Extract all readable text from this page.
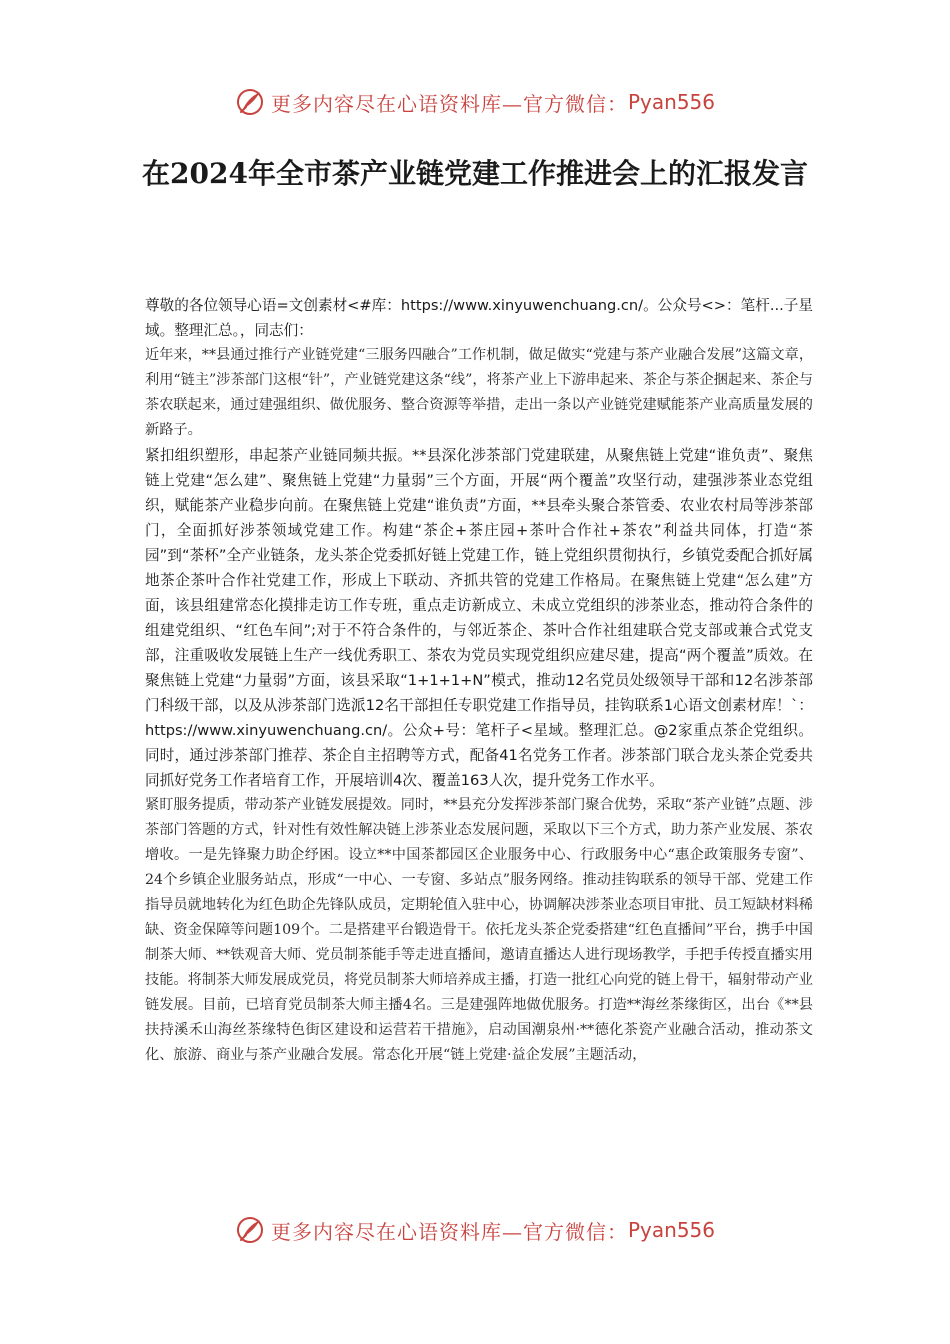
更多内容尽在心语资料库—官方微信： Pyan556
在2024年全市茶产业链党建工作推进会上的汇报发言

尊敬的各位领导心语=文创素材<#库：https://www.xinyuwenchuang.cn/。公众号<>：笔杆...子星域。整理汇总。，同志们：

近年来，**县通过推行产业链党建“三服务四融合”工作机制，做足做实“党建与茶产业融合发展”这篇文章，利用“链主”涉茶部门这根“针”，产业链党建这条“线”，将茶产业上下游串起来、茶企与茶企捆起来、茶企与茶农联起来，通过建强组织、做优服务、整合资源等举措，走出一条以产业链党建赋能茶产业高质量发展的新路子。

紧扣组织塑形，串起茶产业链同频共振。**县深化涉茶部门党建联建，从聚焦链上党建“谁负责”、聚焦链上党建“怎么建”、聚焦链上党建“力量弱”三个方面，开展“两个覆盖”攻坚行动，建强涉茶业态党组织，赋能茶产业稳步向前。在聚焦链上党建“谁负责”方面，**县牵头聚合茶管委、农业农村局等涉茶部门，全面抓好涉茶领域党建工作。构建“茶企+茶庄园+茶叶合作社+茶农”利益共同体，打造“茶园”到“茶杯”全产业链条，龙头茶企党委抓好链上党建工作，链上党组织贯彻执行，乡镇党委配合抓好属地茶企茶叶合作社党建工作，形成上下联动、齐抓共管的党建工作格局。在聚焦链上党建“怎么建”方面，该县组建常态化摸排走访工作专班，重点走访新成立、未成立党组织的涉茶业态，推动符合条件的组建党组织、“红色车间”;对于不符合条件的，与邻近茶企、茶叶合作社组建联合党支部或兼合式党支部，注重吸收发展链上生产一线优秀职工、茶农为党员实现党组织应建尽建，提高“两个覆盖”质效。在聚焦链上党建“力量弱”方面，该县采取“1+1+1+N”模式，推动12名党员处级领导干部和12名涉茶部门科级干部，以及从涉茶部门选派12名干部担任专职党建工作指导员，挂钩联系1心语文创素材库！`：https://www.xinyuwenchuang.cn/。公众+号：笔杆子<星域。整理汇总。@2家重点茶企党组织。同时，通过涉茶部门推荐、茶企自主招聘等方式，配备41名党务工作者。涉茶部门联合龙头茶企党委共同抓好党务工作者培育工作，开展培训4次、覆盖163人次，提升党务工作水平。

紧盯服务提质，带动茶产业链发展提效。同时，**县充分发挥涉茶部门聚合优势，采取“茶产业链”点题、涉茶部门答题的方式，针对性有效性解决链上涉茶业态发展问题，采取以下三个方式，助力茶产业发展、茶农增收。一是先锋聚力助企纾困。设立**中国茶都园区企业服务中心、行政服务中心“惠企政策服务专窗”、24个乡镇企业服务站点，形成“一中心、一专窗、多站点”服务网络。推动挂钩联系的领导干部、党建工作指导员就地转化为红色助企先锋队成员，定期轮值入驻中心，协调解决涉茶业态项目审批、员工短缺材料稀缺、资金保障等问题109个。二是搭建平台锻造骨干。依托龙头茶企党委搭建“红色直播间”平台，携手中国制茶大师、**铁观音大师、党员制茶能手等走进直播间，邀请直播达人进行现场教学，手把手传授直播实用技能。将制茶大师发展成党员，将党员制茶大师培养成主播，打造一批红心向党的链上骨干，辐射带动产业链发展。目前，已培育党员制茶大师主播4名。三是建强阵地做优服务。打造**海丝茶缘街区，出台《**县扶持溪禾山海丝茶缘特色街区建设和运营若干措施》，启动国潮泉州·**德化茶瓷产业融合活动，推动茶文化、旅游、商业与茶产业融合发展。常态化开展“链上党建·益企发展”主题活动，

更多内容尽在心语资料库—官方微信： Pyan556
